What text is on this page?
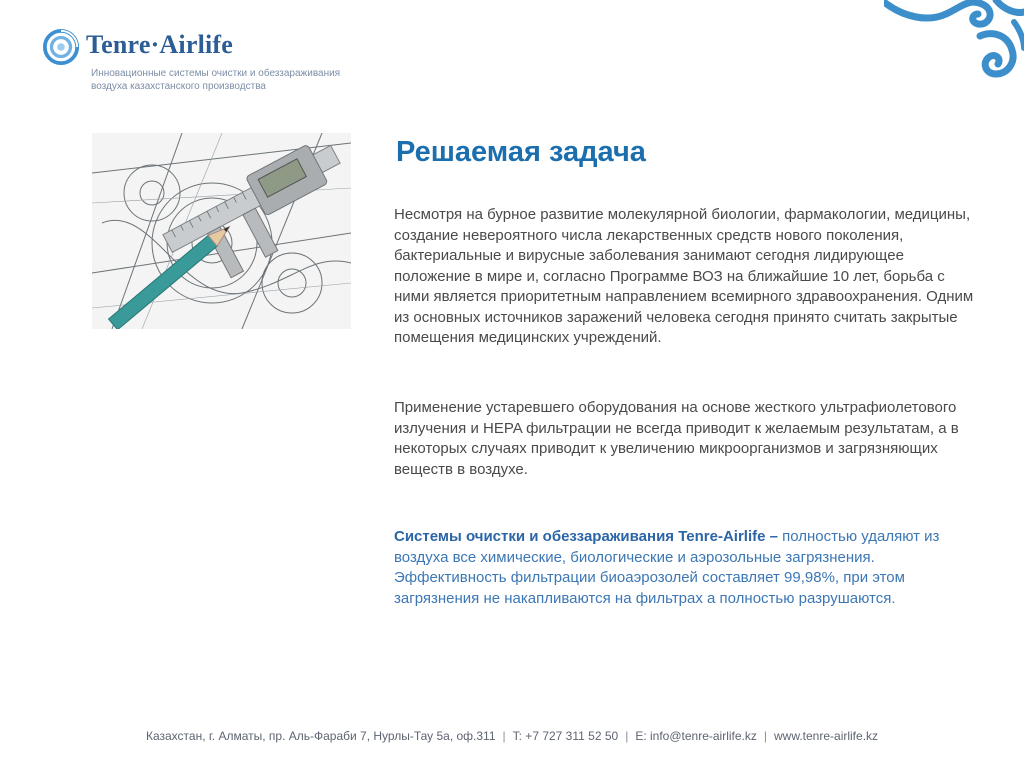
Tenre·Airlife
Инновационные системы очистки и обеззараживания
воздуха казахстанского производства
Решаемая задача
Несмотря на бурное развитие молекулярной биологии, фармакологии, медицины, создание невероятного числа лекарственных средств нового поколения, бактериальные и вирусные заболевания занимают сегодня лидирующее положение в мире и, согласно Программе ВОЗ на ближайшие 10 лет, борьба с ними является приоритетным направлением всемирного здравоохранения. Одним из основных источников заражений человека сегодня принято считать закрытые помещения медицинских учреждений.
Применение устаревшего оборудования на основе жесткого ультрафиолетового излучения и HEPA фильтрации не всегда приводит к желаемым результатам, а в некоторых случаях приводит к увеличению микроорганизмов и загрязняющих веществ в воздухе.
Системы очистки и обеззараживания Tenre-Airlife – полностью удаляют из воздуха все химические, биологические и аэрозольные загрязнения. Эффективность фильтрации биоаэрозолей составляет 99,98%, при этом загрязнения не накапливаются на фильтрах а полностью разрушаются.
Казахстан, г. Алматы, пр. Аль-Фараби 7, Нурлы-Тау 5а, оф.311 | T: +7 727 311 52 50 | E: info@tenre-airlife.kz | www.tenre-airlife.kz
